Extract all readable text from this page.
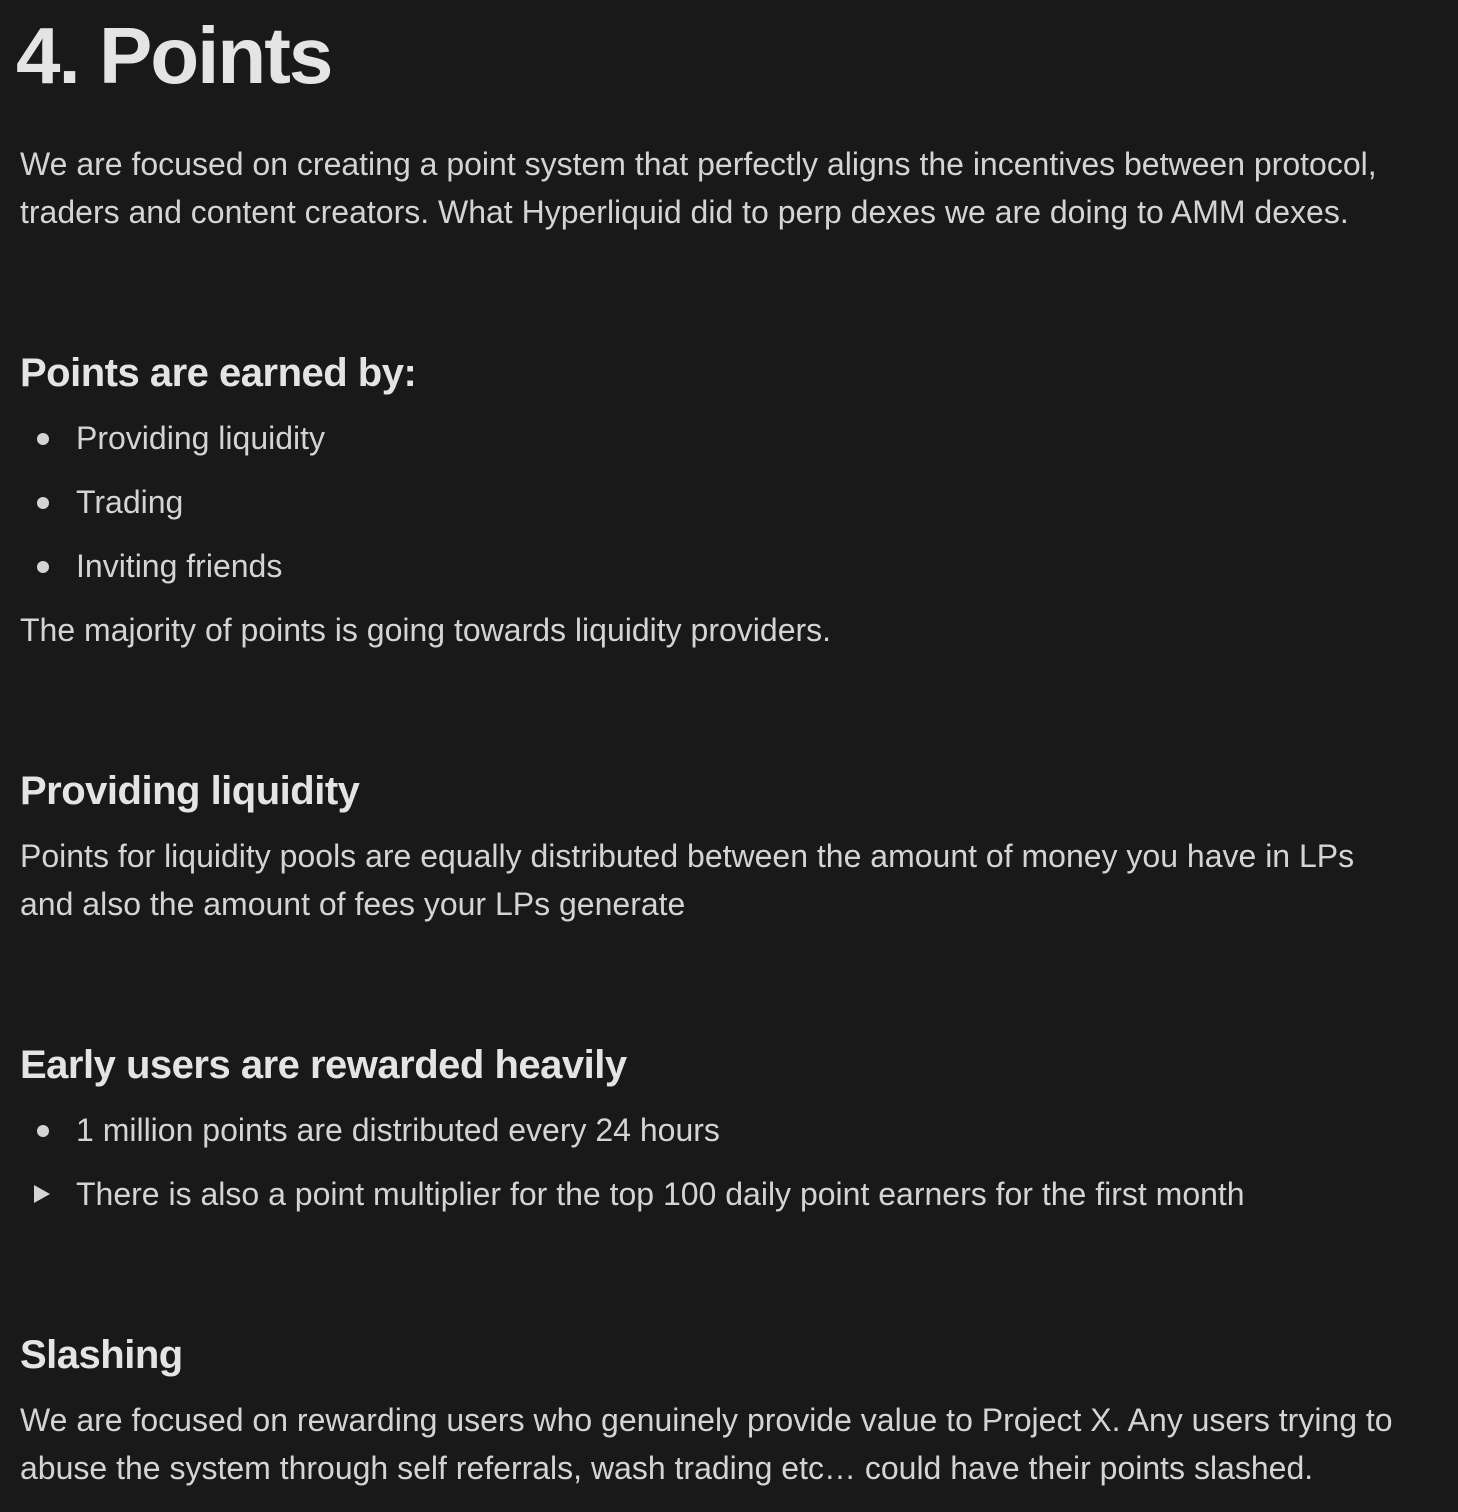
4. Points
We are focused on creating a point system that perfectly aligns the incentives between protocol, traders and content creators. What Hyperliquid did to perp dexes we are doing to AMM dexes.
Points are earned by:
Providing liquidity
Trading
Inviting friends
The majority of points is going towards liquidity providers.
Providing liquidity
Points for liquidity pools are equally distributed between the amount of money you have in LPs and also the amount of fees your LPs generate
Early users are rewarded heavily
1 million points are distributed every 24 hours
There is also a point multiplier for the top 100 daily point earners for the first month
Slashing
We are focused on rewarding users who genuinely provide value to Project X. Any users trying to abuse the system through self referrals, wash trading etc… could have their points slashed.
